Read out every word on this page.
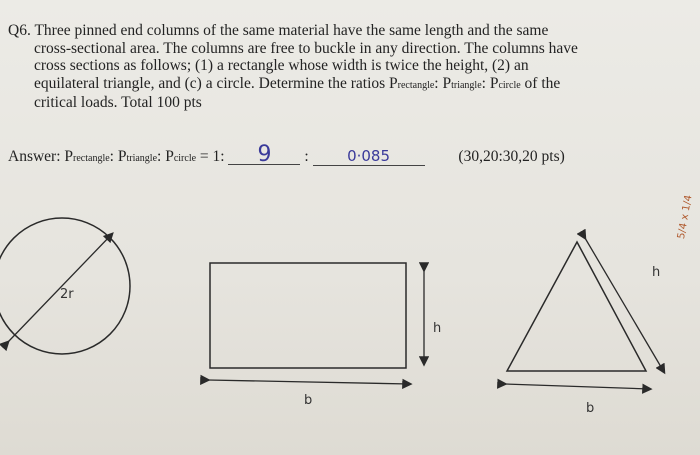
Q6. Three pinned end columns of the same material have the same length and the same
cross-sectional area. The columns are free to buckle in any direction. The columns have
cross sections as follows; (1) a rectangle whose width is twice the height, (2) an
equilateral triangle, and (c) a circle. Determine the ratios Prectangle: Ptriangle: Pcircle of the
critical loads. Total 100 pts
Answer: Prectangle: Ptriangle: Pcircle = 1: 9 :	0·085	(30,20:30,20 pts)
2r
h
b
h
b
5/4 x 1/4
